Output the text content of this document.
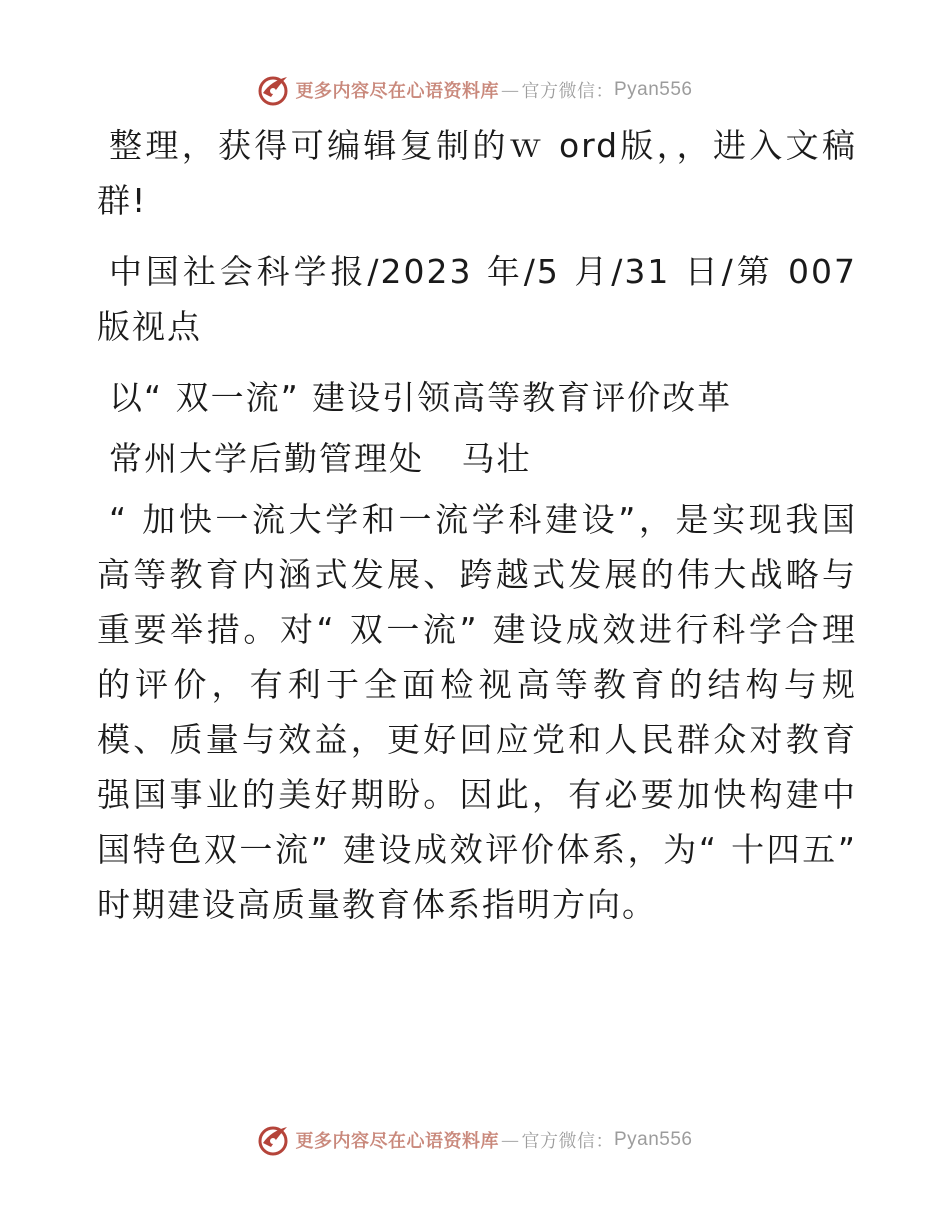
更多内容尽在心语资料库 — 官方微信： Pyan556

整理，获得可编辑复制的ｗ ord版，，进入文稿群!

中国社会科学报/2023 年/5 月/31 日/第 007 版视点

以“ 双一流” 建设引领高等教育评价改革

常州大学后勤管理处   马壮

“ 加快一流大学和一流学科建设”，是实现我国高等教育内涵式发展、跨越式发展的伟大战略与重要举措。对“ 双一流” 建设成效进行科学合理的评价，有利于全面检视高等教育的结构与规模、质量与效益，更好回应党和人民群众对教育强国事业的美好期盼。因此，有必要加快构建中国特色双一流” 建设成效评价体系，为“ 十四五” 时期建设高质量教育体系指明方向。

更多内容尽在心语资料库 — 官方微信： Pyan556
